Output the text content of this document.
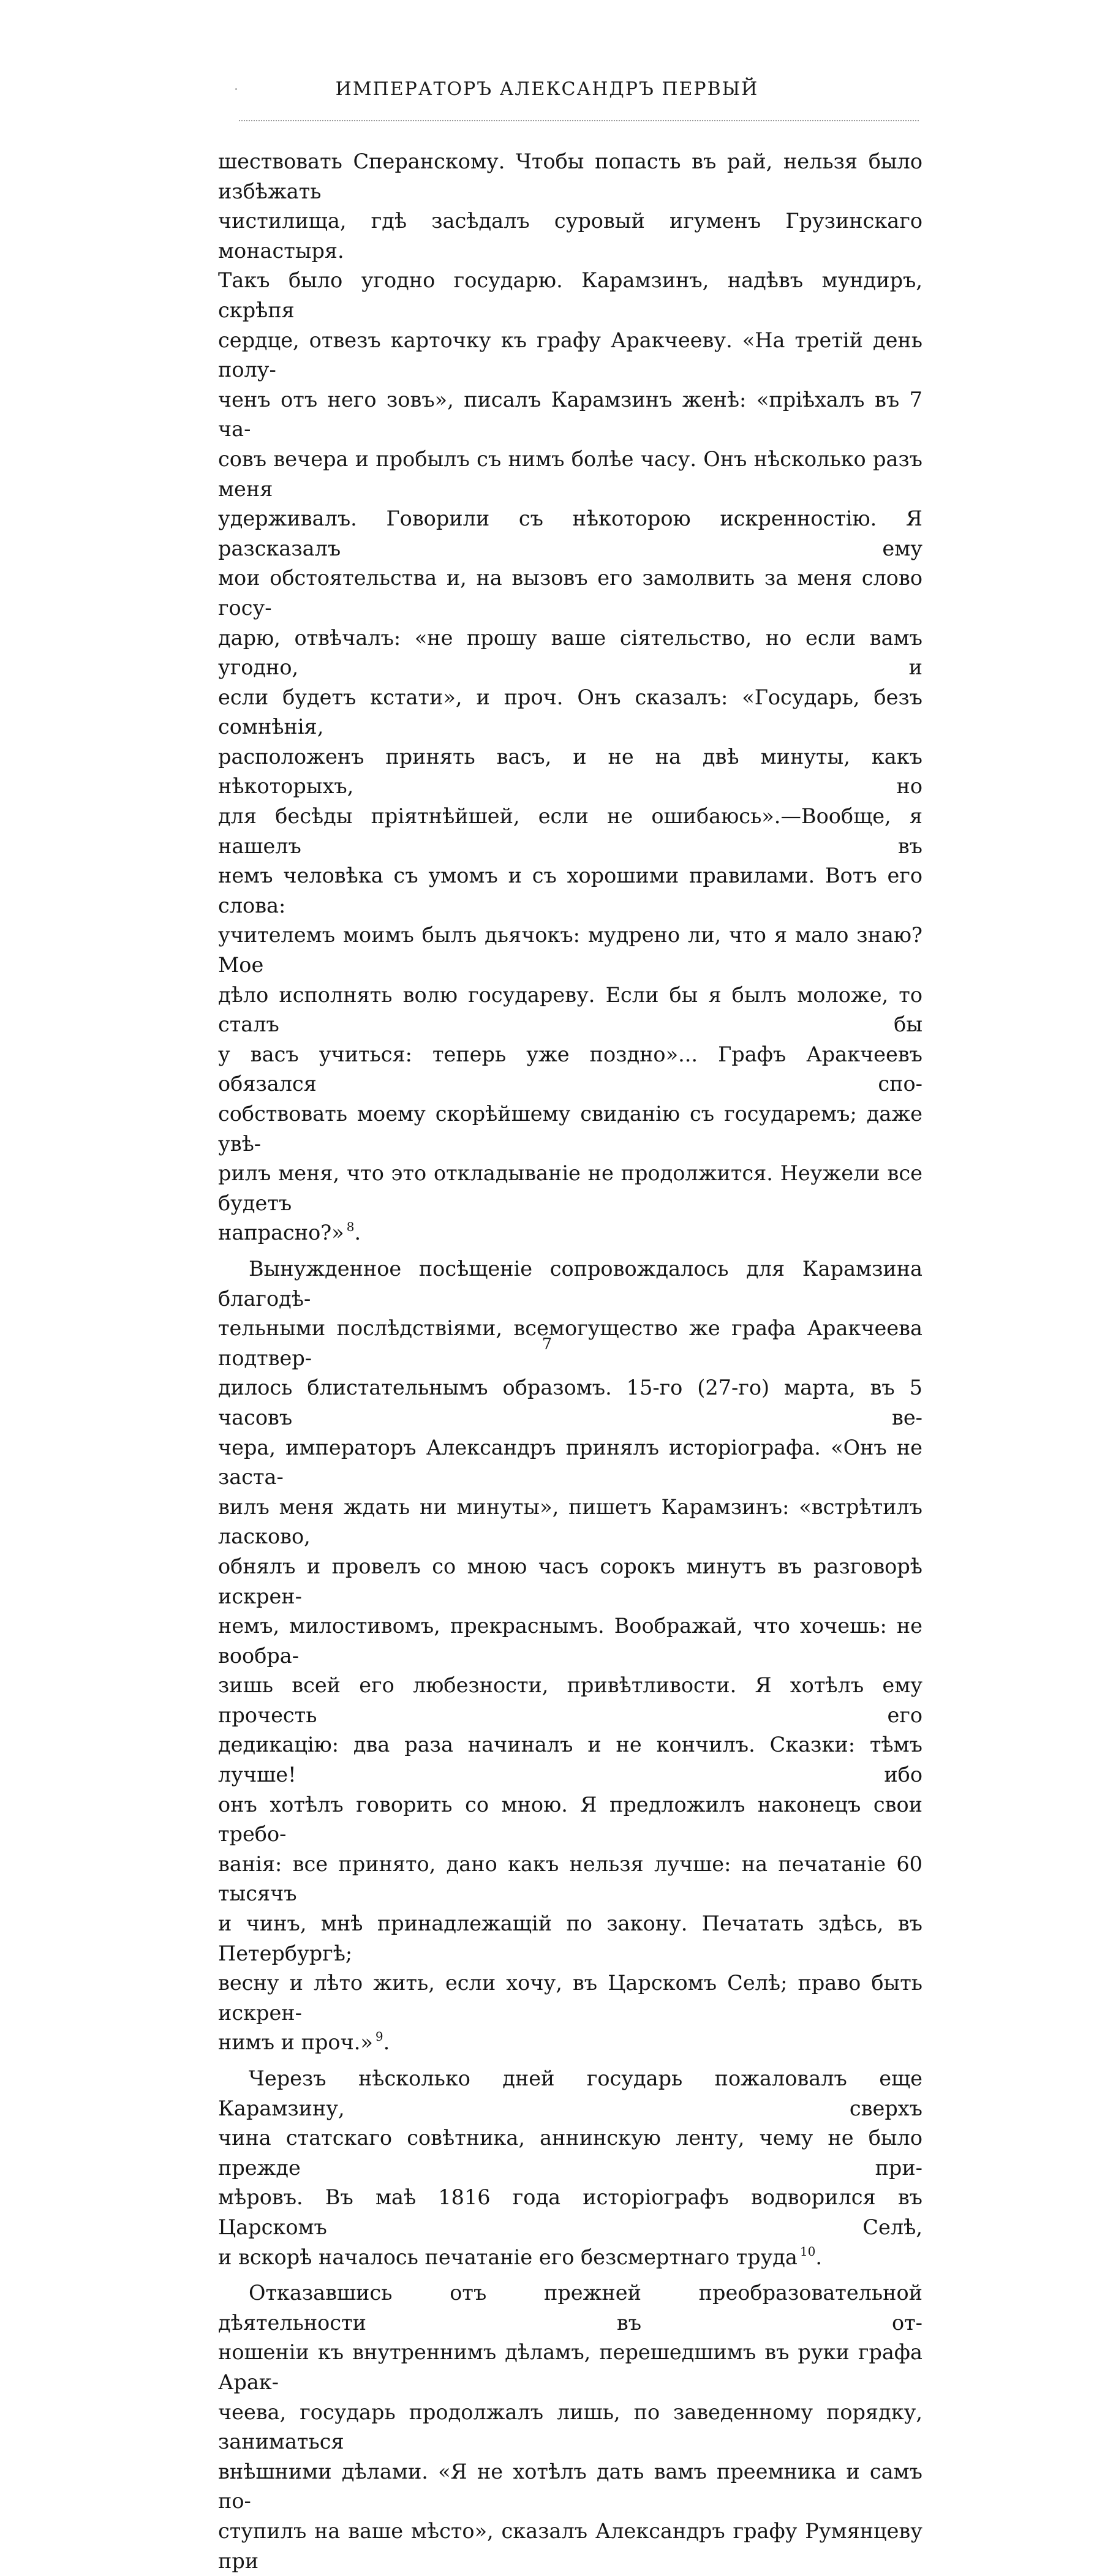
ИМПЕРАТОРЪ АЛЕКСАНДРЪ ПЕРВЫЙ
шествовать Сперанскому. Чтобы попасть въ рай, нельзя было избѣжать
чистилища, гдѣ засѣдалъ суровый игуменъ Грузинскаго монастыря.
Такъ было угодно государю. Карамзинъ, надѣвъ мундиръ, скрѣпя
сердце, отвезъ карточку къ графу Аракчееву. «На третій день полу-
ченъ отъ него зовъ», писалъ Карамзинъ женѣ: «пріѣхалъ въ 7 ча-
совъ вечера и пробылъ съ нимъ болѣе часу. Онъ нѣсколько разъ меня
удерживалъ. Говорили съ нѣкоторою искренностію. Я разсказалъ ему
мои обстоятельства и, на вызовъ его замолвить за меня слово госу-
дарю, отвѣчалъ: «не прошу ваше сіятельство, но если вамъ угодно, и
если будетъ кстати», и проч. Онъ сказалъ: «Государь, безъ сомнѣнія,
расположенъ принять васъ, и не на двѣ минуты, какъ нѣкоторыхъ, но
для бесѣды пріятнѣйшей, если не ошибаюсь».—Вообще, я нашелъ въ
немъ человѣка съ умомъ и съ хорошими правилами. Вотъ его слова:
учителемъ моимъ былъ дьячокъ: мудрено ли, что я мало знаю? Мое
дѣло исполнять волю государеву. Если бы я былъ моложе, то сталъ бы
у васъ учиться: теперь уже поздно»... Графъ Аракчеевъ обязался спо-
собствовать моему скорѣйшему свиданію съ государемъ; даже увѣ-
рилъ меня, что это откладываніе не продолжится. Неужели все будетъ
напрасно?» $^8$.
Вынужденное посѣщеніе сопровождалось для Карамзина благодѣ-
тельными послѣдствіями, всемогущество же графа Аракчеева подтвер-
дилось блистательнымъ образомъ. 15-го (27-го) марта, въ 5 часовъ ве-
чера, императоръ Александръ принялъ исторіографа. «Онъ не заста-
вилъ меня ждать ни минуты», пишетъ Карамзинъ: «встрѣтилъ ласково,
обнялъ и провелъ со мною часъ сорокъ минутъ въ разговорѣ искрен-
немъ, милостивомъ, прекраснымъ. Воображай, что хочешь: не вообра-
зишь всей его любезности, привѣтливости. Я хотѣлъ ему прочесть его
дедикацію: два раза начиналъ и не кончилъ. Сказки: тѣмъ лучше! ибо
онъ хотѣлъ говорить со мною. Я предложилъ наконецъ свои требо-
ванія: все принято, дано какъ нельзя лучше: на печатаніе 60 тысячъ
и чинъ, мнѣ принадлежащій по закону. Печатать здѣсь, въ Петербургѣ;
весну и лѣто жить, если хочу, въ Царскомъ Селѣ; право быть искрен-
нимъ и проч.» $^9$.
Черезъ нѣсколько дней государь пожаловалъ еще Карамзину, сверхъ
чина статскаго совѣтника, аннинскую ленту, чему не было прежде при-
мѣровъ. Въ маѣ 1816 года исторіографъ водворился въ Царскомъ Селѣ,
и вскорѣ началось печатаніе его безсмертнаго труда $^{10}$.
Отказавшись отъ прежней преобразовательной дѣятельности въ от-
ношеніи къ внутреннимъ дѣламъ, перешедшимъ въ руки графа Арак-
чеева, государь продолжалъ лишь, по заведенному порядку, заниматься
внѣшними дѣлами. «Я не хотѣлъ дать вамъ преемника и самъ по-
ступилъ на ваше мѣсто», сказалъ Александръ графу Румянцеву при
7
